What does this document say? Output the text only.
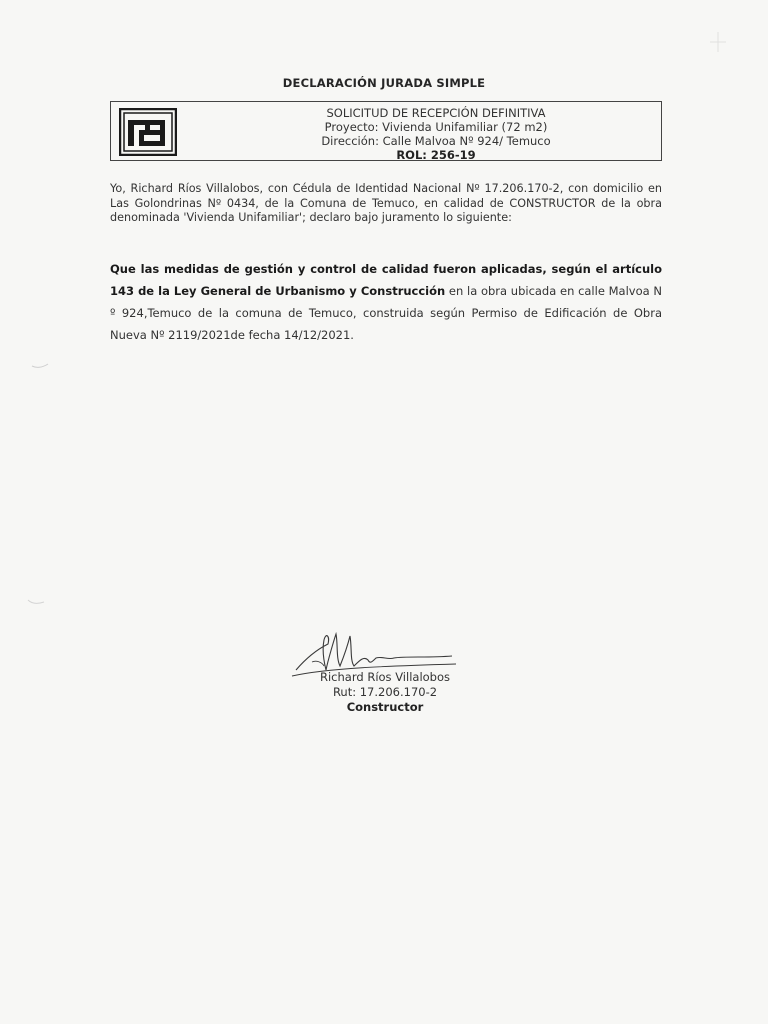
DECLARACIÓN JURADA SIMPLE
SOLICITUD DE RECEPCIÓN DEFINITIVA
Proyecto: Vivienda Unifamiliar (72 m2)
Dirección: Calle Malvoa Nº 924/ Temuco
ROL: 256-19
Yo, Richard Ríos Villalobos, con Cédula de Identidad Nacional Nº 17.206.170-2, con domicilio en Las Golondrinas Nº 0434, de la Comuna de Temuco, en calidad de CONSTRUCTOR de la obra denominada 'Vivienda Unifamiliar'; declaro bajo juramento lo siguiente:
Que las medidas de gestión y control de calidad fueron aplicadas, según el artículo 143 de la Ley General de Urbanismo y Construcción en la obra ubicada en calle Malvoa N º 924,Temuco de la comuna de Temuco, construida según Permiso de Edificación de Obra Nueva Nº 2119/2021de fecha 14/12/2021.
Richard Ríos Villalobos
Rut: 17.206.170-2
Constructor
